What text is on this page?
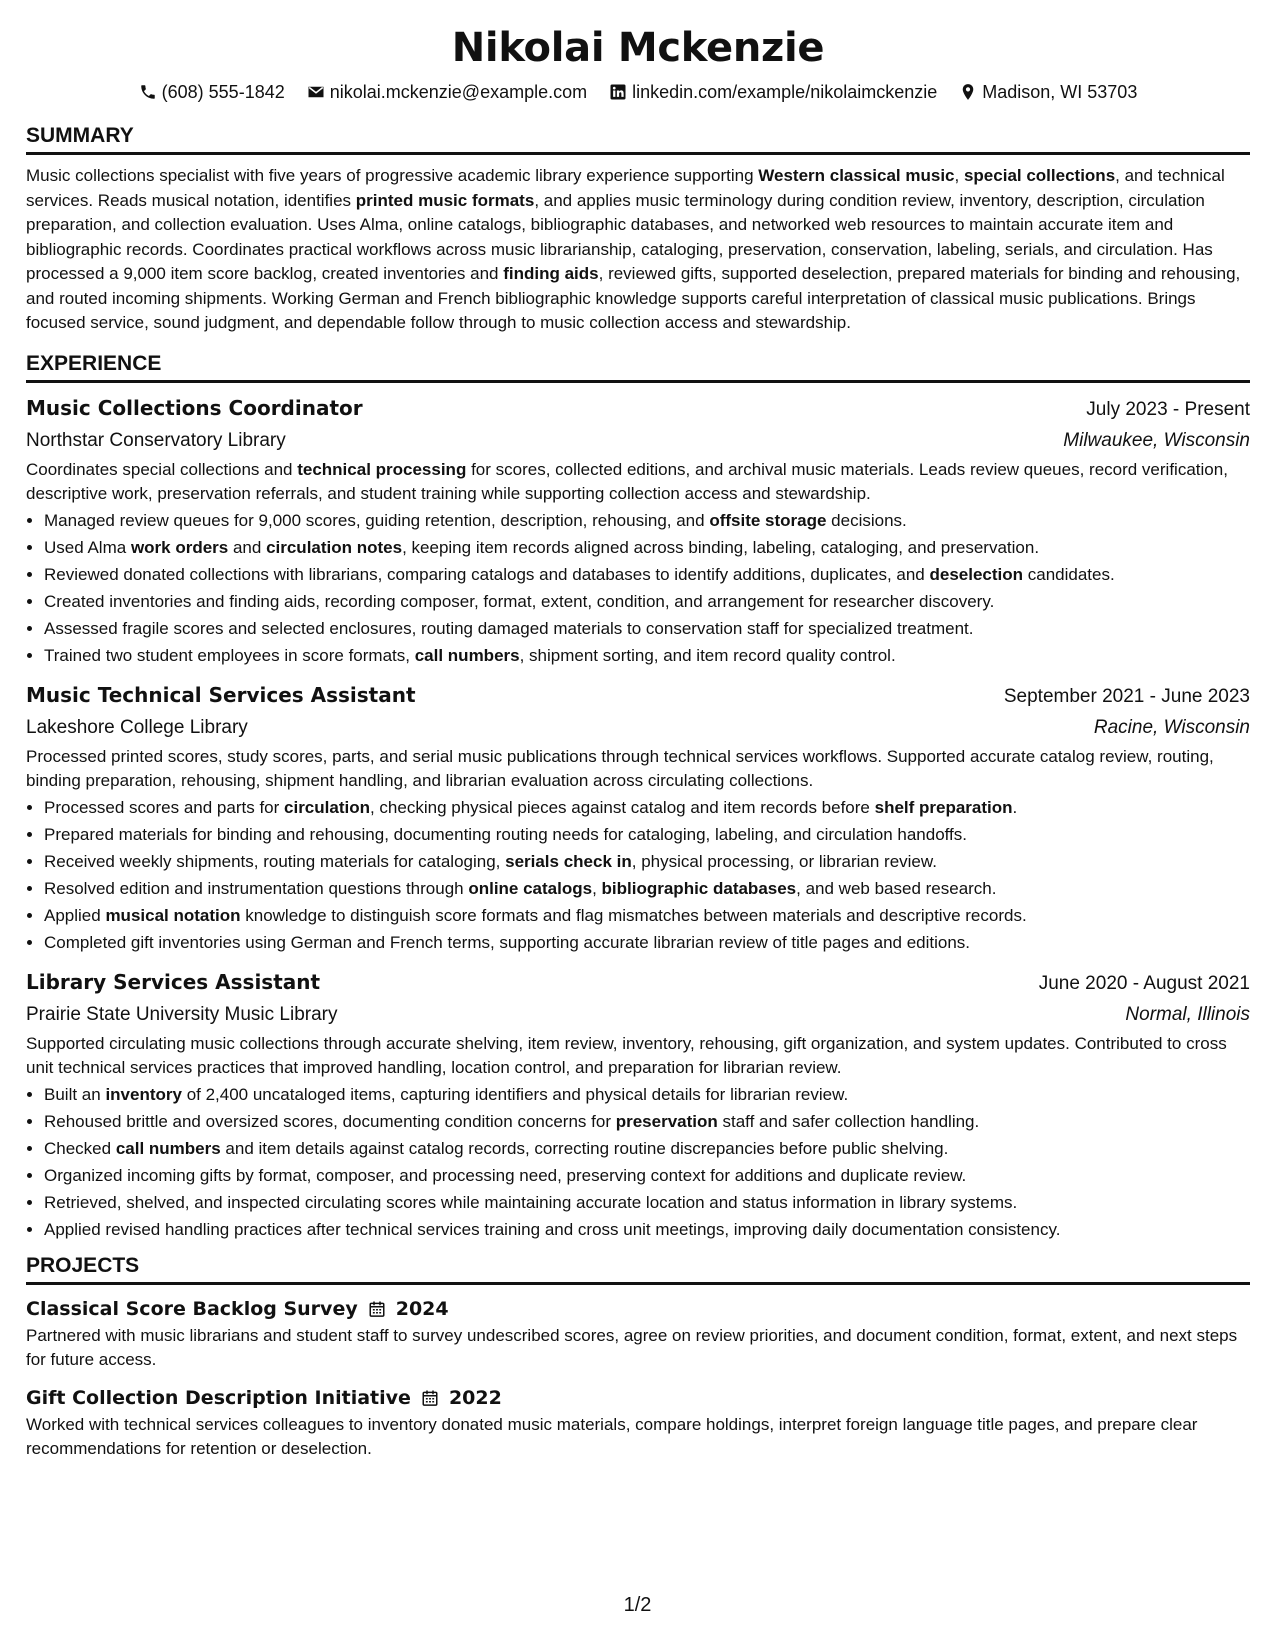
Nikolai Mckenzie
(608) 555-1842	nikolai.mckenzie@example.com	linkedin.com/example/nikolaimckenzie	Madison, WI 53703
SUMMARY

Music collections specialist with five years of progressive academic library experience supporting Western classical music, special collections, and technical services. Reads musical notation, identifies printed music formats, and applies music terminology during condition review, inventory, description, circulation preparation, and collection evaluation. Uses Alma, online catalogs, bibliographic databases, and networked web resources to maintain accurate item and bibliographic records. Coordinates practical workflows across music librarianship, cataloging, preservation, conservation, labeling, serials, and circulation. Has processed a 9,000 item score backlog, created inventories and finding aids, reviewed gifts, supported deselection, prepared materials for binding and rehousing, and routed incoming shipments. Working German and French bibliographic knowledge supports careful interpretation of classical music publications. Brings focused service, sound judgment, and dependable follow through to music collection access and stewardship.

EXPERIENCE
Music Collections Coordinator	July 2023 - Present
Northstar Conservatory Library	Milwaukee, Wisconsin

Coordinates special collections and technical processing for scores, collected editions, and archival music materials. Leads review queues, record verification, descriptive work, preservation referrals, and student training while supporting collection access and stewardship.

• Managed review queues for 9,000 scores, guiding retention, description, rehousing, and offsite storage decisions.
• Used Alma work orders and circulation notes, keeping item records aligned across binding, labeling, cataloging, and preservation.
• Reviewed donated collections with librarians, comparing catalogs and databases to identify additions, duplicates, and deselection candidates.
• Created inventories and finding aids, recording composer, format, extent, condition, and arrangement for researcher discovery.
• Assessed fragile scores and selected enclosures, routing damaged materials to conservation staff for specialized treatment.
• Trained two student employees in score formats, call numbers, shipment sorting, and item record quality control.
Music Technical Services Assistant	September 2021 - June 2023
Lakeshore College Library	Racine, Wisconsin

Processed printed scores, study scores, parts, and serial music publications through technical services workflows. Supported accurate catalog review, routing, binding preparation, rehousing, shipment handling, and librarian evaluation across circulating collections.

• Processed scores and parts for circulation, checking physical pieces against catalog and item records before shelf preparation.
• Prepared materials for binding and rehousing, documenting routing needs for cataloging, labeling, and circulation handoffs.
• Received weekly shipments, routing materials for cataloging, serials check in, physical processing, or librarian review.
• Resolved edition and instrumentation questions through online catalogs, bibliographic databases, and web based research.
• Applied musical notation knowledge to distinguish score formats and flag mismatches between materials and descriptive records.
• Completed gift inventories using German and French terms, supporting accurate librarian review of title pages and editions.
Library Services Assistant	June 2020 - August 2021
Prairie State University Music Library	Normal, Illinois

Supported circulating music collections through accurate shelving, item review, inventory, rehousing, gift organization, and system updates. Contributed to cross unit technical services practices that improved handling, location control, and preparation for librarian review.

• Built an inventory of 2,400 uncataloged items, capturing identifiers and physical details for librarian review.
• Rehoused brittle and oversized scores, documenting condition concerns for preservation staff and safer collection handling.
• Checked call numbers and item details against catalog records, correcting routine discrepancies before public shelving.
• Organized incoming gifts by format, composer, and processing need, preserving context for additions and duplicate review.
• Retrieved, shelved, and inspected circulating scores while maintaining accurate location and status information in library systems.
• Applied revised handling practices after technical services training and cross unit meetings, improving daily documentation consistency.
PROJECTS
Classical Score Backlog Survey 2024

Partnered with music librarians and student staff to survey undescribed scores, agree on review priorities, and document condition, format, extent, and next steps for future access.

Gift Collection Description Initiative 2022

Worked with technical services colleagues to inventory donated music materials, compare holdings, interpret foreign language title pages, and prepare clear recommendations for retention or deselection.

1/2
